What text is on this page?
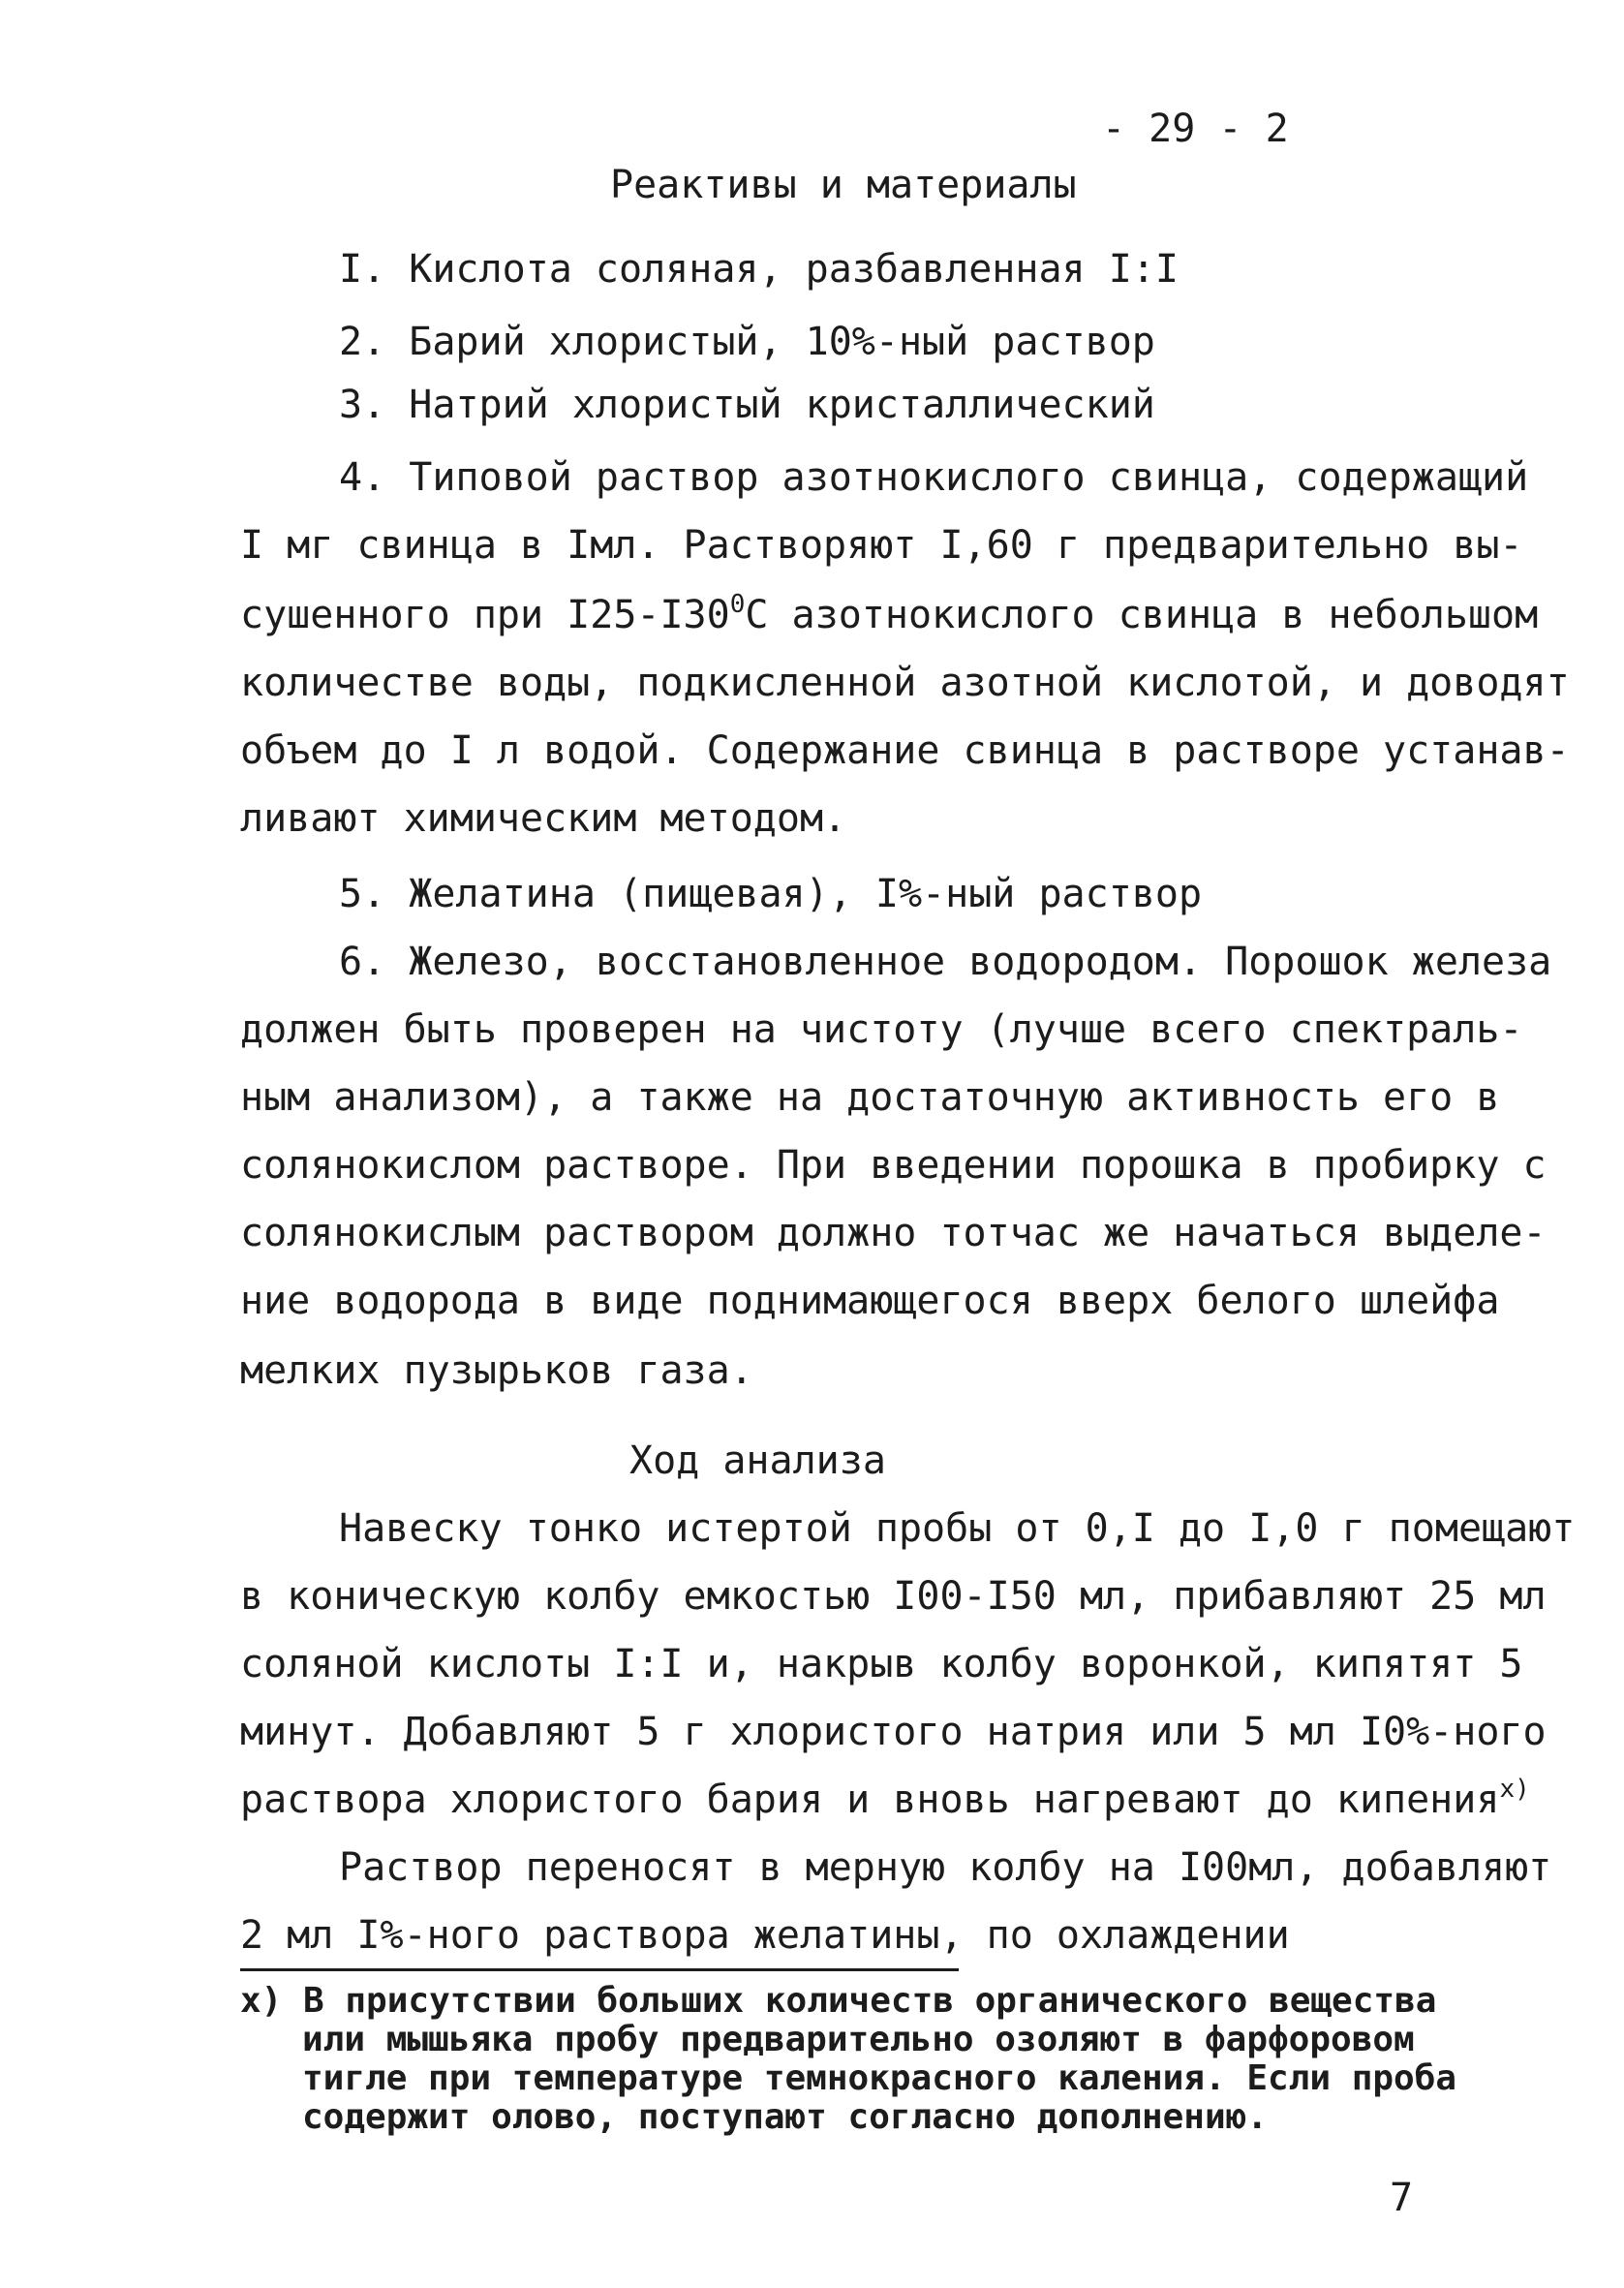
- 29 - 2
Реактивы и материалы
I. Кислота соляная, разбавленная I:I
2. Барий хлористый, 10%-ный раствор
3. Натрий хлористый кристаллический
4. Типовой раствор азотнокислого свинца, содержащий
I мг свинца в Iмл. Растворяют I,60 г предварительно вы-
сушенного при $I25-I30^0С$ азотнокислого свинца в небольшом
количестве воды, подкисленной азотной кислотой, и доводят
объем до I л водой. Содержание свинца в растворе устанав-
ливают химическим методом.
5. Желатина (пищевая), I%-ный раствор
6. Железо, восстановленное водородом. Порошок железа
должен быть проверен на чистоту (лучше всего спектраль-
ным анализом), а также на достаточную активность его в
солянокислом растворе. При введении порошка в пробирку с
солянокислым раствором должно тотчас же начаться выделе-
ние водорода в виде поднимающегося вверх белого шлейфа
мелких пузырьков газа.
Ход анализа
Навеску тонко истертой пробы от 0,I до I,0 г помещают
в коническую колбу емкостью I00-I50 мл, прибавляют 25 мл
соляной кислоты I:I и, накрыв колбу воронкой, кипятят 5
минут. Добавляют 5 г хлористого натрия или 5 мл I0%-ного
раствора хлористого бария и вновь нагревают до кипения$^{x)}$
Раствор переносят в мерную колбу на I00мл, добавляют
2 мл I%-ного раствора желатины, по охлаждении
x) В присутствии больших количеств органического вещества
или мышьяка пробу предварительно озоляют в фарфоровом
тигле при температуре темнокрасного каления. Если проба
содержит олово, поступают согласно дополнению.
7
